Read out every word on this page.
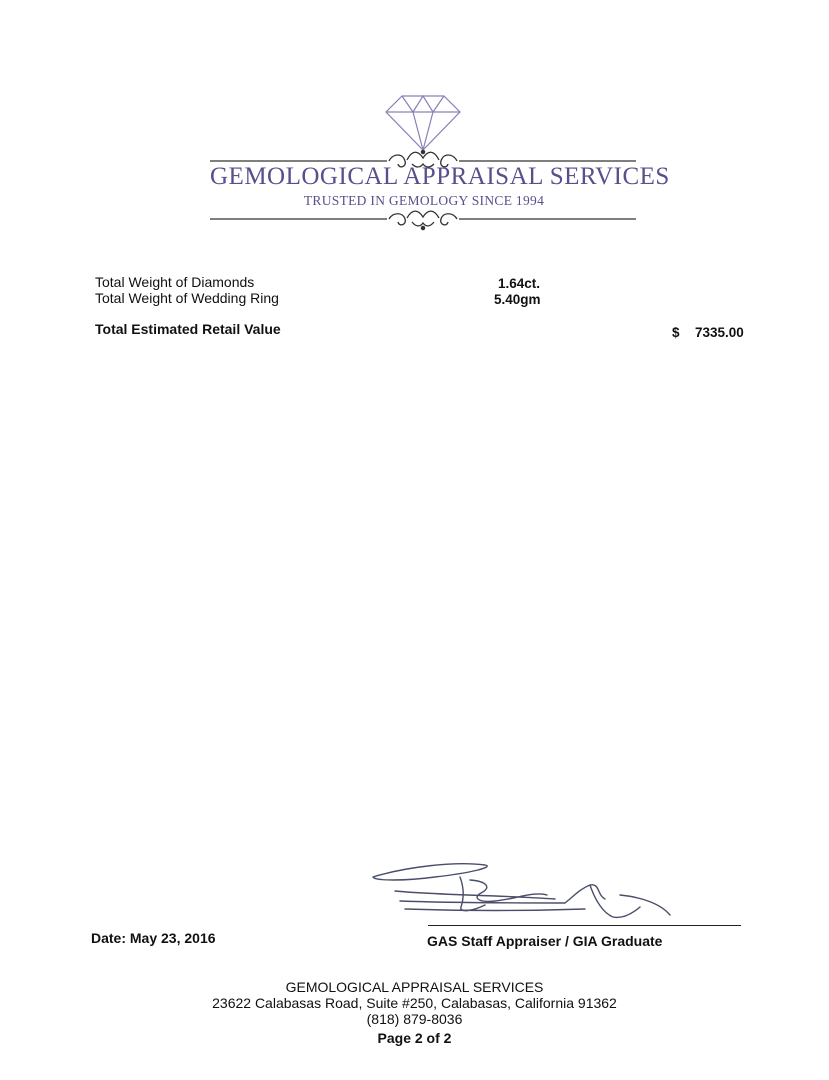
GEMOLOGICAL APPRAISAL SERVICES
TRUSTED IN GEMOLOGY SINCE 1994
Total Weight of Diamonds
Total Weight of Wedding Ring
1.64ct.
5.40gm
Total Estimated Retail Value	$ 7335.00
Date: May 23, 2016	GAS Staff Appraiser / GIA Graduate
GEMOLOGICAL APPRAISAL SERVICES
23622 Calabasas Road, Suite #250, Calabasas, California 91362
(818) 879-8036
Page 2 of 2
